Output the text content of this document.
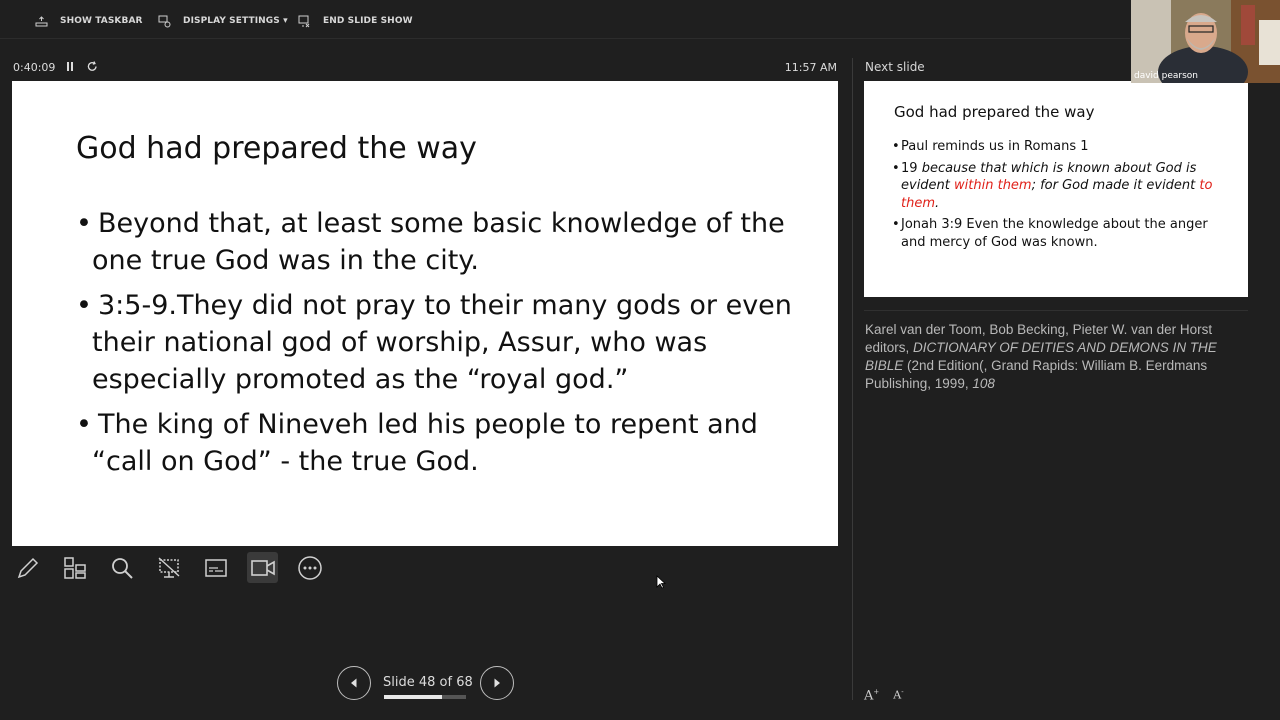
SHOW TASKBAR	DISPLAY SETTINGS ▾	END SLIDE SHOW
0:40:09	11:57 AM
God had prepared the way
• Beyond that, at least some basic knowledge of the one true God was in the city.
• 3:5-9.They did not pray to their many gods or even their national god of worship, Assur, who was especially promoted as the “royal god.”
• The king of Nineveh led his people to repent and “call on God” - the true God.
Slide 48 of 68
Next slide
God had prepared the way
• Paul reminds us in Romans 1
• 19 because that which is known about God is evident within them; for God made it evident to them.
• Jonah 3:9 Even the knowledge about the anger and mercy of God was known.
Karel van der Toom, Bob Becking, Pieter W. van der Horst editors, DICTIONARY OF DEITIES AND DEMONS IN THE BIBLE (2nd Edition(, Grand Rapids: William B. Eerdmans Publishing, 1999, 108
A+ A-
david pearson
